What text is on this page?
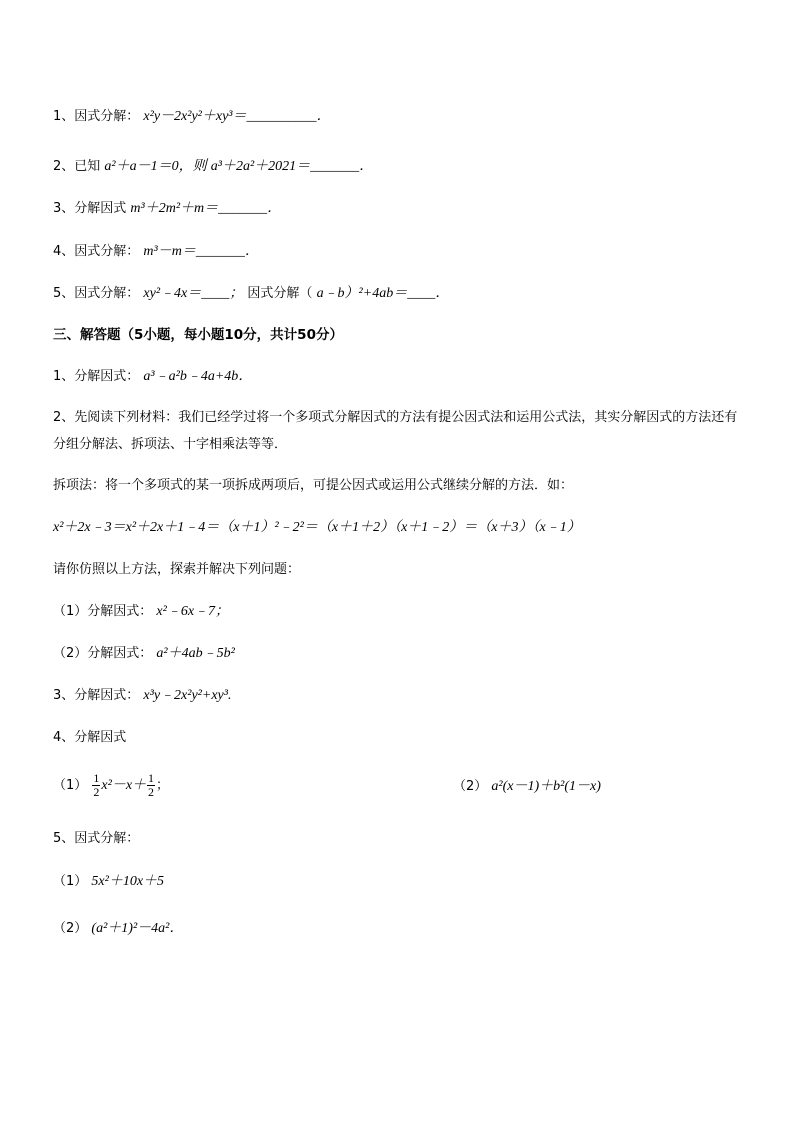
1、因式分解： x²y－2x²y²＋xy³＝__________．
2、已知 a²＋a－1＝0，则 a³＋2a²＋2021＝_______．
3、分解因式 m³＋2m²＋m＝_______．
4、因式分解： m³－m＝_______．
5、因式分解： xy²﹣4x＝____； 因式分解（ a﹣b）²+4ab＝____．
三、解答题（5小题，每小题10分，共计50分）
1、分解因式： a³﹣a²b﹣4a+4b．
2、先阅读下列材料：我们已经学过将一个多项式分解因式的方法有提公因式法和运用公式法，其实分解因式的方法还有分组分解法、拆项法、十字相乘法等等．
拆项法：将一个多项式的某一项拆成两项后，可提公因式或运用公式继续分解的方法．如：
x²＋2x﹣3＝x²＋2x＋1﹣4＝（x＋1）²﹣2²＝（x＋1＋2）（x＋1﹣2）＝（x＋3）（x﹣1）
请你仿照以上方法，探索并解决下列问题：
（1）分解因式： x²﹣6x﹣7；
（2）分解因式： a²＋4ab﹣5b²
3、分解因式： x³y﹣2x²y²+xy³.
4、分解因式
$(1) \frac{1}{2} x^2-x+ \frac{1}{2}$ ；	（2） a²(x－1)＋b²(1－x)
5、因式分解：
（1） 5x²＋10x＋5
（2） (a²＋1)²－4a²．
